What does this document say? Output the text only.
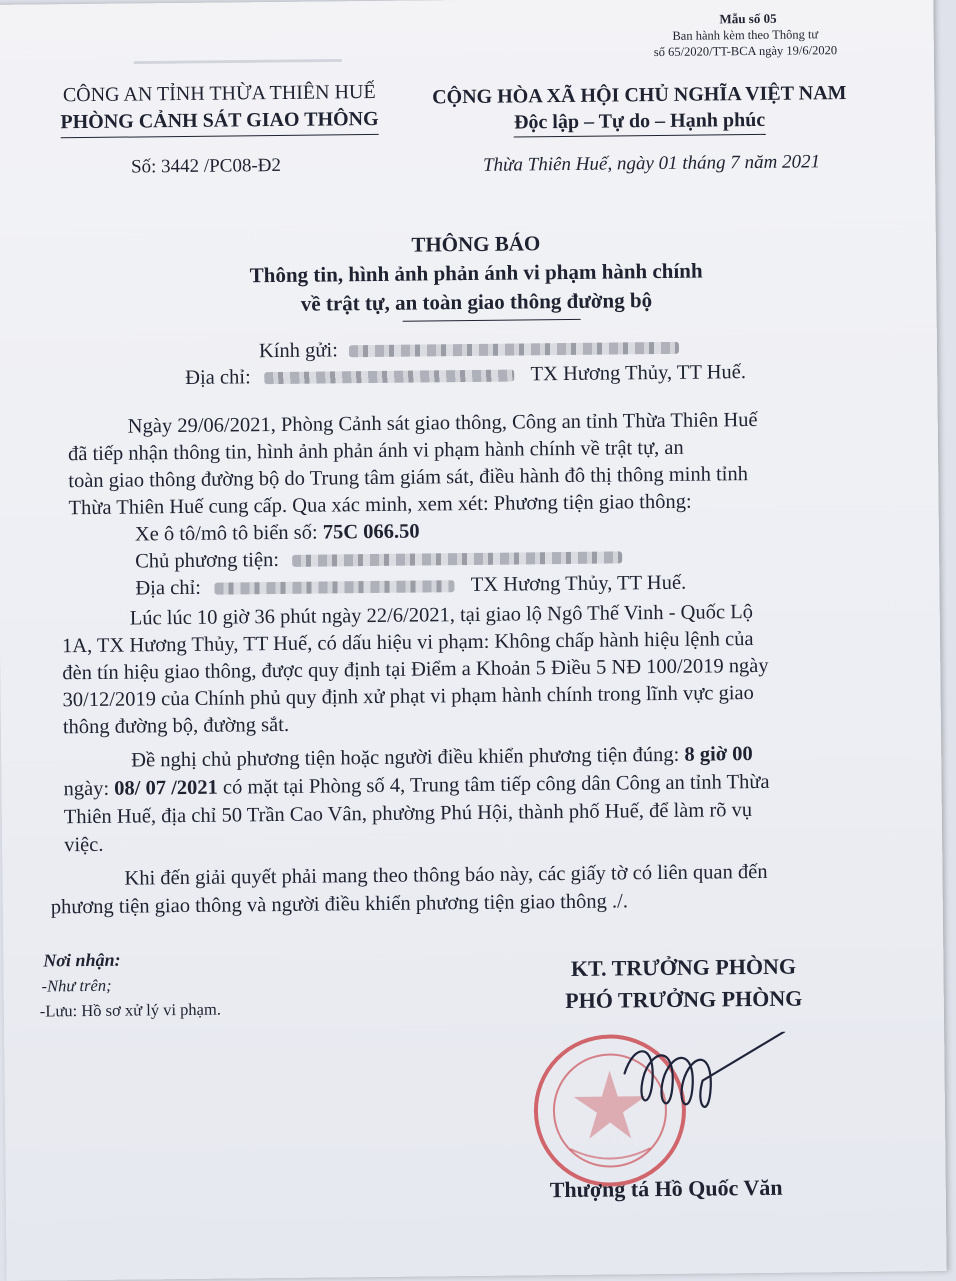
▁▁▁▁▁▁▁▁▁▁▁▁▁▁▁
Mẫu số 05
Ban hành kèm theo Thông tư
số 65/2020/TT-BCA ngày 19/6/2020
CÔNG AN TỈNH THỪA THIÊN HUẾ
PHÒNG CẢNH SÁT GIAO THÔNG
CỘNG HÒA XÃ HỘI CHỦ NGHĨA VIỆT NAM
Độc lập – Tự do – Hạnh phúc
Số: 3442 /PC08-Đ2	Thừa Thiên Huế, ngày 01 tháng 7 năm 2021
THÔNG BÁO
Thông tin, hình ảnh phản ánh vi phạm hành chính
về trật tự, an toàn giao thông đường bộ
Kính gửi:
Địa chỉ:	TX Hương Thủy, TT Huế.
Ngày 29/06/2021, Phòng Cảnh sát giao thông, Công an tỉnh Thừa Thiên Huế
đã tiếp nhận thông tin, hình ảnh phản ánh vi phạm hành chính về trật tự, an
toàn giao thông đường bộ do Trung tâm giám sát, điều hành đô thị thông minh tỉnh
Thừa Thiên Huế cung cấp. Qua xác minh, xem xét: Phương tiện giao thông:
Xe ô tô/mô tô biển số: 75C 066.50
Chủ phương tiện:
Địa chỉ:	TX Hương Thủy, TT Huế.
Lúc lúc 10 giờ 36 phút ngày 22/6/2021, tại giao lộ Ngô Thế Vinh - Quốc Lộ
1A, TX Hương Thủy, TT Huế, có dấu hiệu vi phạm: Không chấp hành hiệu lệnh của
đèn tín hiệu giao thông, được quy định tại Điểm a Khoản 5 Điều 5 NĐ 100/2019 ngày
30/12/2019 của Chính phủ quy định xử phạt vi phạm hành chính trong lĩnh vực giao
thông đường bộ, đường sắt.
Đề nghị chủ phương tiện hoặc người điều khiển phương tiện đúng: 8 giờ 00
ngày: 08/ 07 /2021 có mặt tại Phòng số 4, Trung tâm tiếp công dân Công an tỉnh Thừa
Thiên Huế, địa chỉ 50 Trần Cao Vân, phường Phú Hội, thành phố Huế, để làm rõ vụ
việc.
Khi đến giải quyết phải mang theo thông báo này, các giấy tờ có liên quan đến
phương tiện giao thông và người điều khiển phương tiện giao thông ./.
Nơi nhận:
-Như trên;
-Lưu: Hồ sơ xử lý vi phạm.
KT. TRƯỞNG PHÒNG
PHÓ TRƯỞNG PHÒNG
Thượng tá Hồ Quốc Văn
